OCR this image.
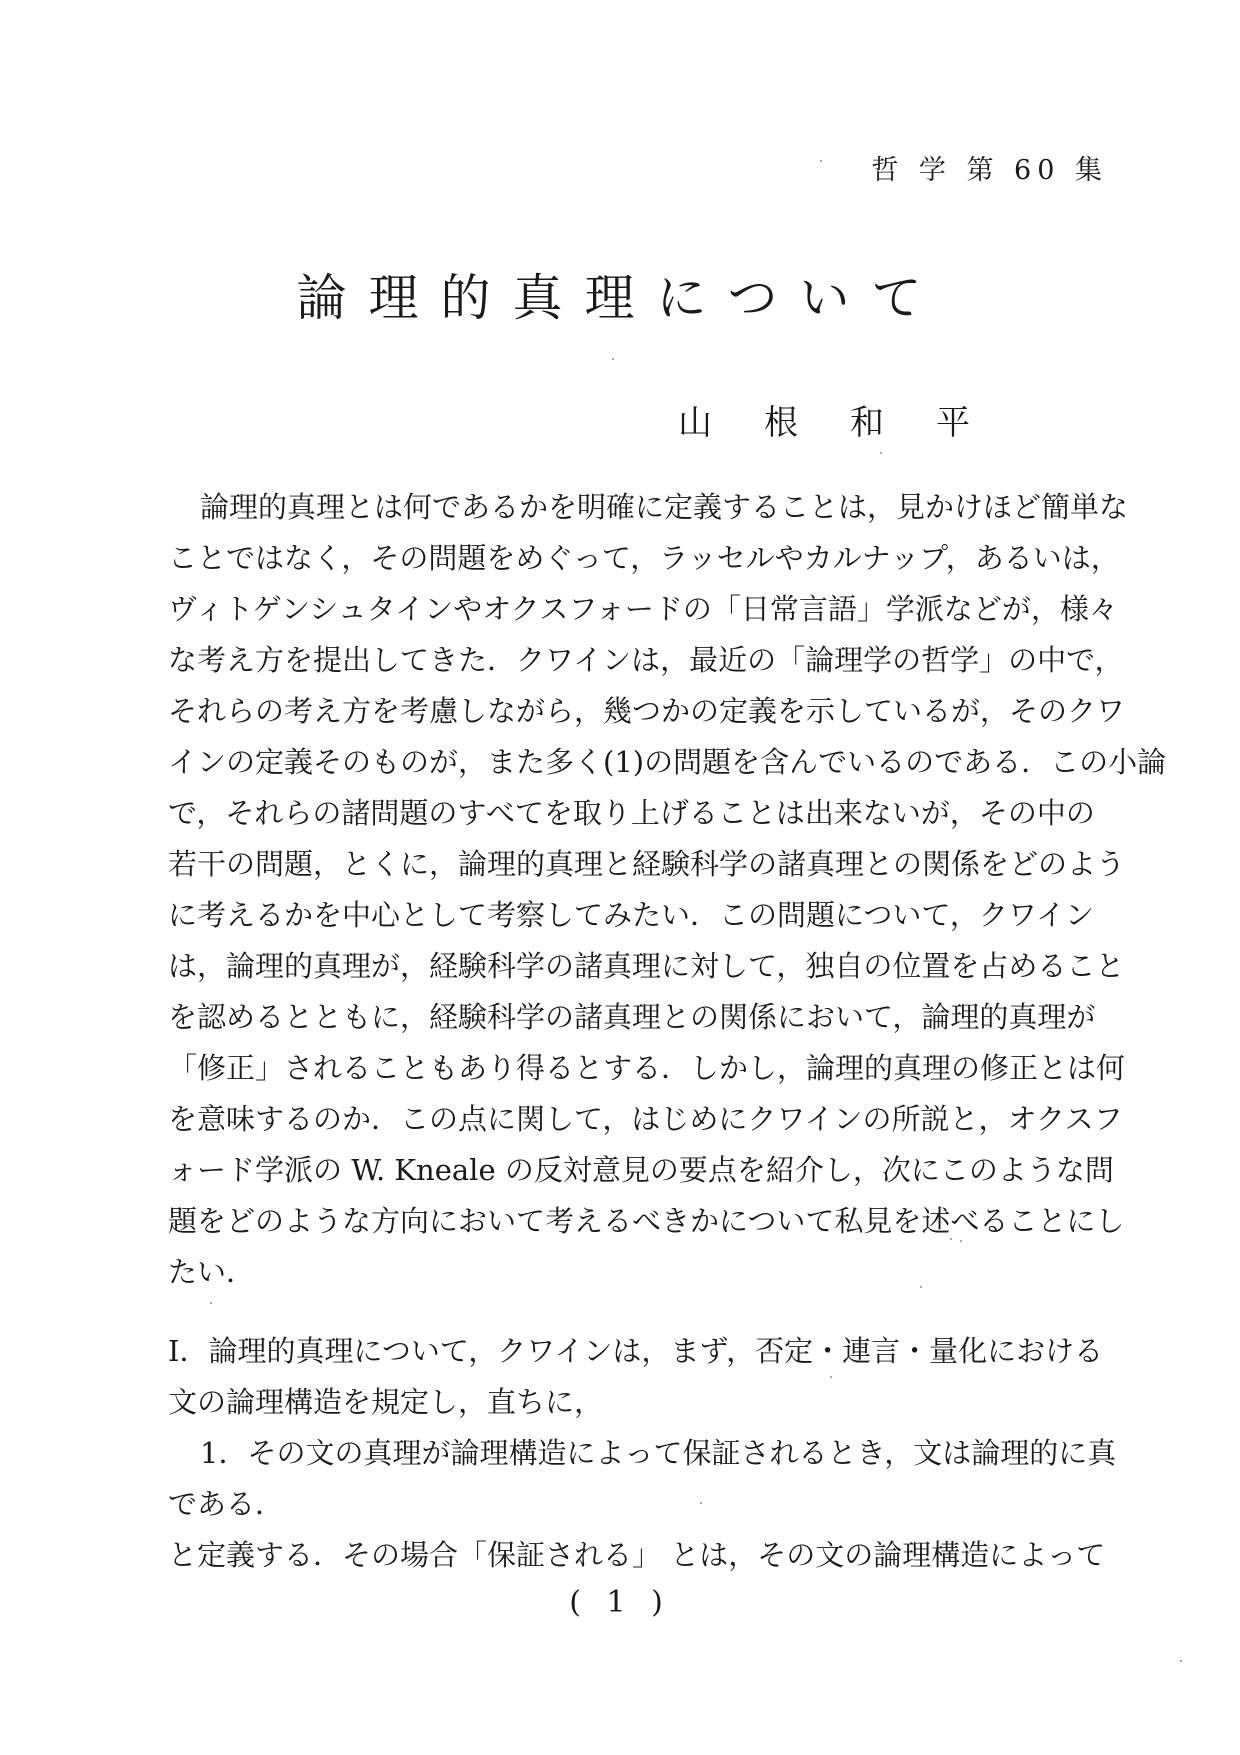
哲 学 第 60 集
論理的真理について
山根和平
論理的真理とは何であるかを明確に定義することは，見かけほど簡単な
ことではなく，その問題をめぐって，ラッセルやカルナップ，あるいは，
ヴィトゲンシュタインやオクスフォードの「日常言語」学派などが，様々
な考え方を提出してきた．クワインは，最近の「論理学の哲学」の中で，
それらの考え方を考慮しながら，幾つかの定義を示しているが，そのクワ
インの定義そのものが，また多く(1)の問題を含んでいるのである．この小論
で，それらの諸問題のすべてを取り上げることは出来ないが，その中の
若干の問題，とくに，論理的真理と経験科学の諸真理との関係をどのよう
に考えるかを中心として考察してみたい．この問題について，クワイン
は，論理的真理が，経験科学の諸真理に対して，独自の位置を占めること
を認めるとともに，経験科学の諸真理との関係において，論理的真理が
「修正」されることもあり得るとする．しかし，論理的真理の修正とは何
を意味するのか．この点に関して，はじめにクワインの所説と，オクスフ
ォード学派の W. Kneale の反対意見の要点を紹介し，次にこのような問
題をどのような方向において考えるべきかについて私見を述べることにし
たい．
I．論理的真理について，クワインは，まず，否定・連言・量化における
文の論理構造を規定し，直ちに，
1．その文の真理が論理構造によって保証されるとき，文は論理的に真
である．
と定義する．その場合「保証される」 とは，その文の論理構造によって
( 1 )
